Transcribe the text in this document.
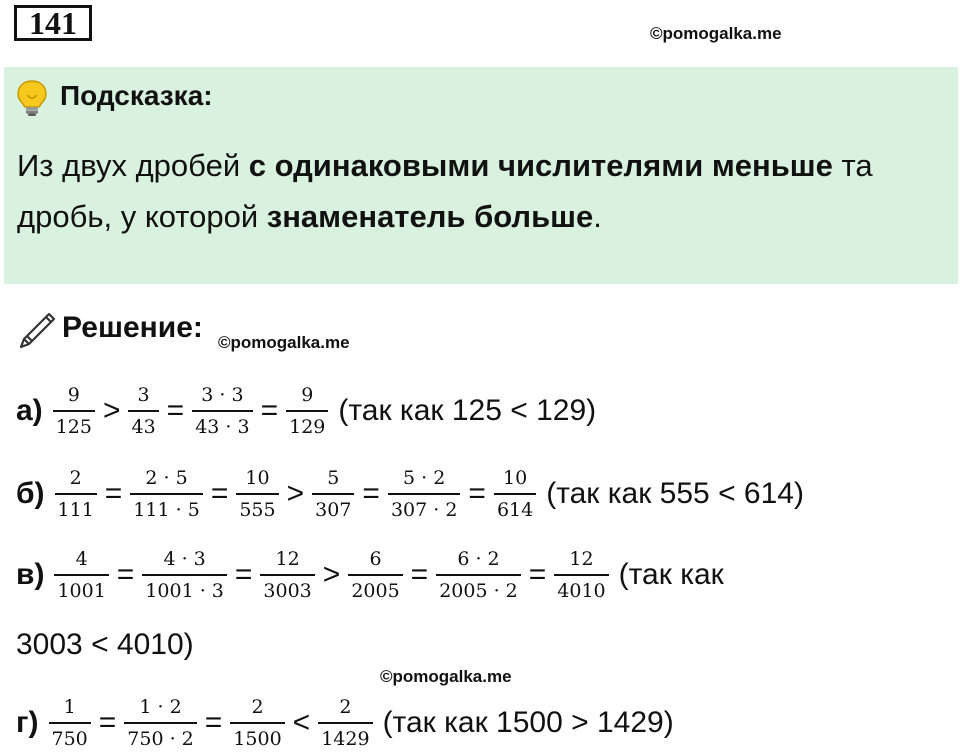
141	©pomogalka.me
Подсказка:
Из двух дробей с одинаковыми числителями меньше та дробь, у которой знаменатель больше.
Решение: ©pomogalka.me
$а) \frac{9}{125} > \frac{3}{43} = \frac{3 \cdot 3}{43 \cdot 3} = \frac{9}{129} (так$ как 125 < 129)
$б) \frac{2}{111} = \frac{2 \cdot 5}{111 \cdot 5} = \frac{10}{555} > \frac{5}{307} = \frac{5 \cdot 2}{307 \cdot 2} = \frac{10}{614} (так$ как 555 < 614)
$в) \frac{4}{1001} = \frac{4 \cdot 3}{1001 \cdot 3} = \frac{12}{3003} > \frac{6}{2005} = \frac{6 \cdot 2}{2005 \cdot 2} = \frac{12}{4010} (так$ как
3003 < 4010)
©pomogalka.me
$г) \frac{1}{750} = \frac{1 \cdot 2}{750 \cdot 2} = \frac{2}{1500} < \frac{2}{1429} (так$ как 1500 > 1429)
